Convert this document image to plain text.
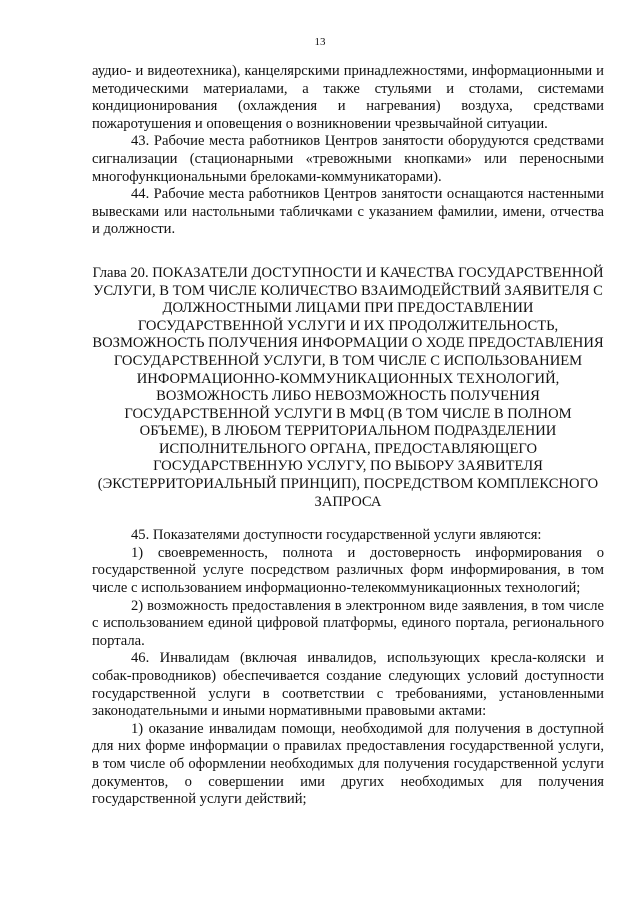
13

аудио- и видеотехника), канцелярскими принадлежностями, информационными и методическими материалами, а также стульями и столами, системами кондиционирования (охлаждения и нагревания) воздуха, средствами пожаротушения и оповещения о возникновении чрезвычайной ситуации.

43. Рабочие места работников Центров занятости оборудуются средствами сигнализации (стационарными «тревожными кнопками» или переносными многофункциональными брелоками-коммуникаторами).

44. Рабочие места работников Центров занятости оснащаются настенными вывесками или настольными табличками с указанием фамилии, имени, отчества и должности.

Глава 20. ПОКАЗАТЕЛИ ДОСТУПНОСТИ И КАЧЕСТВА ГОСУДАРСТВЕННОЙ УСЛУГИ, В ТОМ ЧИСЛЕ КОЛИЧЕСТВО ВЗАИМОДЕЙСТВИЙ ЗАЯВИТЕЛЯ С ДОЛЖНОСТНЫМИ ЛИЦАМИ ПРИ ПРЕДОСТАВЛЕНИИ ГОСУДАРСТВЕННОЙ УСЛУГИ И ИХ ПРОДОЛЖИТЕЛЬНОСТЬ, ВОЗМОЖНОСТЬ ПОЛУЧЕНИЯ ИНФОРМАЦИИ О ХОДЕ ПРЕДОСТАВЛЕНИЯ ГОСУДАРСТВЕННОЙ УСЛУГИ, В ТОМ ЧИСЛЕ С ИСПОЛЬЗОВАНИЕМ ИНФОРМАЦИОННО-КОММУНИКАЦИОННЫХ ТЕХНОЛОГИЙ, ВОЗМОЖНОСТЬ ЛИБО НЕВОЗМОЖНОСТЬ ПОЛУЧЕНИЯ ГОСУДАРСТВЕННОЙ УСЛУГИ В МФЦ (В ТОМ ЧИСЛЕ В ПОЛНОМ ОБЪЕМЕ), В ЛЮБОМ ТЕРРИТОРИАЛЬНОМ ПОДРАЗДЕЛЕНИИ ИСПОЛНИТЕЛЬНОГО ОРГАНА, ПРЕДОСТАВЛЯЮЩЕГО ГОСУДАРСТВЕННУЮ УСЛУГУ, ПО ВЫБОРУ ЗАЯВИТЕЛЯ (ЭКСТЕРРИТОРИАЛЬНЫЙ ПРИНЦИП), ПОСРЕДСТВОМ КОМПЛЕКСНОГО ЗАПРОСА

45. Показателями доступности государственной услуги являются:

1) своевременность, полнота и достоверность информирования о государственной услуге посредством различных форм информирования, в том числе с использованием информационно-телекоммуникационных технологий;

2) возможность предоставления в электронном виде заявления, в том числе с использованием единой цифровой платформы, единого портала, регионального портала.

46. Инвалидам (включая инвалидов, использующих кресла-коляски и собак-проводников) обеспечивается создание следующих условий доступности государственной услуги в соответствии с требованиями, установленными законодательными и иными нормативными правовыми актами:

1) оказание инвалидам помощи, необходимой для получения в доступной для них форме информации о правилах предоставления государственной услуги, в том числе об оформлении необходимых для получения государственной услуги документов, о совершении ими других необходимых для получения государственной услуги действий;
